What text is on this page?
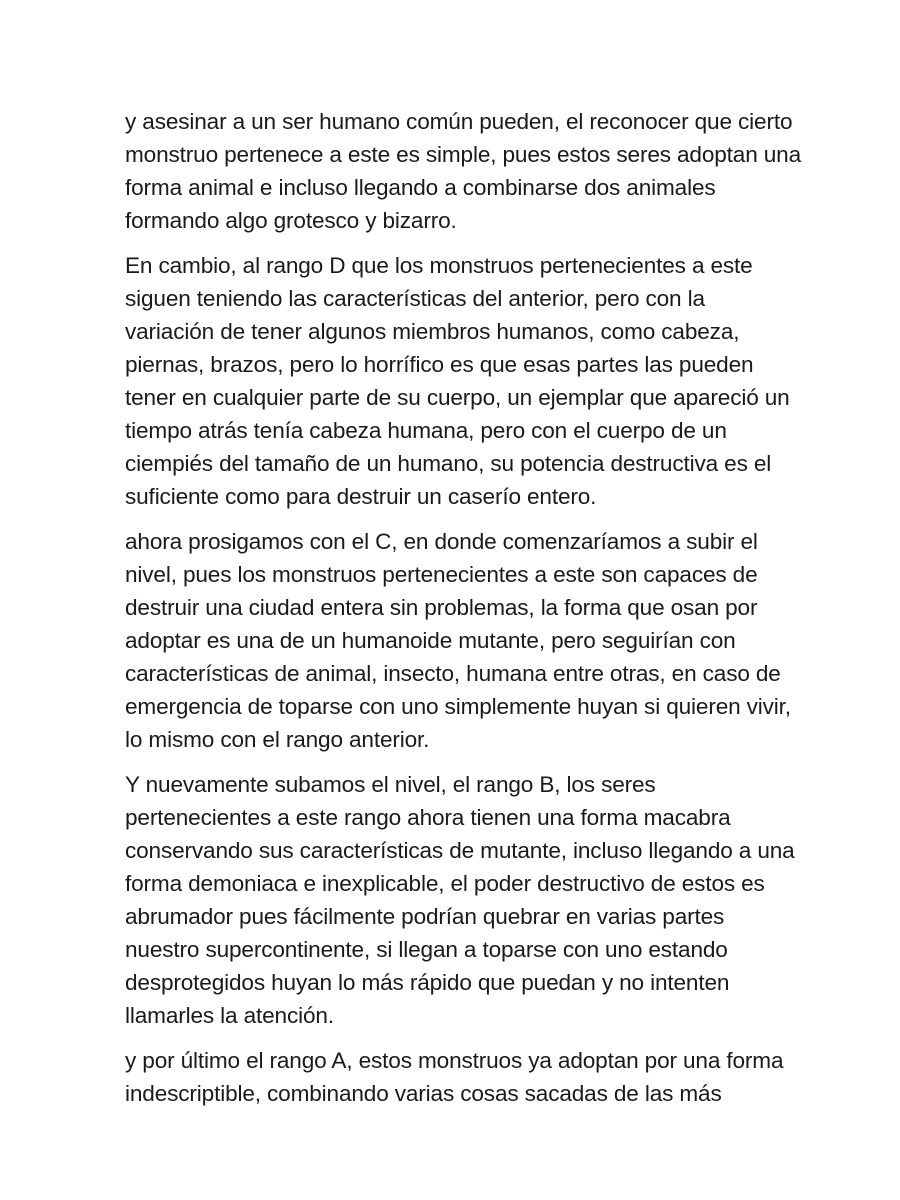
y asesinar a un ser humano común pueden, el reconocer que cierto
monstruo pertenece a este es simple, pues estos seres adoptan una
forma animal e incluso llegando a combinarse dos animales
formando algo grotesco y bizarro.

En cambio, al rango D que los monstruos pertenecientes a este
siguen teniendo las características del anterior, pero con la
variación de tener algunos miembros humanos, como cabeza,
piernas, brazos, pero lo horrífico es que esas partes las pueden
tener en cualquier parte de su cuerpo, un ejemplar que apareció un
tiempo atrás tenía cabeza humana, pero con el cuerpo de un
ciempiés del tamaño de un humano, su potencia destructiva es el
suficiente como para destruir un caserío entero.

ahora prosigamos con el C, en donde comenzaríamos a subir el
nivel, pues los monstruos pertenecientes a este son capaces de
destruir una ciudad entera sin problemas, la forma que osan por
adoptar es una de un humanoide mutante, pero seguirían con
características de animal, insecto, humana entre otras, en caso de
emergencia de toparse con uno simplemente huyan si quieren vivir,
lo mismo con el rango anterior.

Y nuevamente subamos el nivel, el rango B, los seres
pertenecientes a este rango ahora tienen una forma macabra
conservando sus características de mutante, incluso llegando a una
forma demoniaca e inexplicable, el poder destructivo de estos es
abrumador pues fácilmente podrían quebrar en varias partes
nuestro supercontinente, si llegan a toparse con uno estando
desprotegidos huyan lo más rápido que puedan y no intenten
llamarles la atención.

y por último el rango A, estos monstruos ya adoptan por una forma
indescriptible, combinando varias cosas sacadas de las más
